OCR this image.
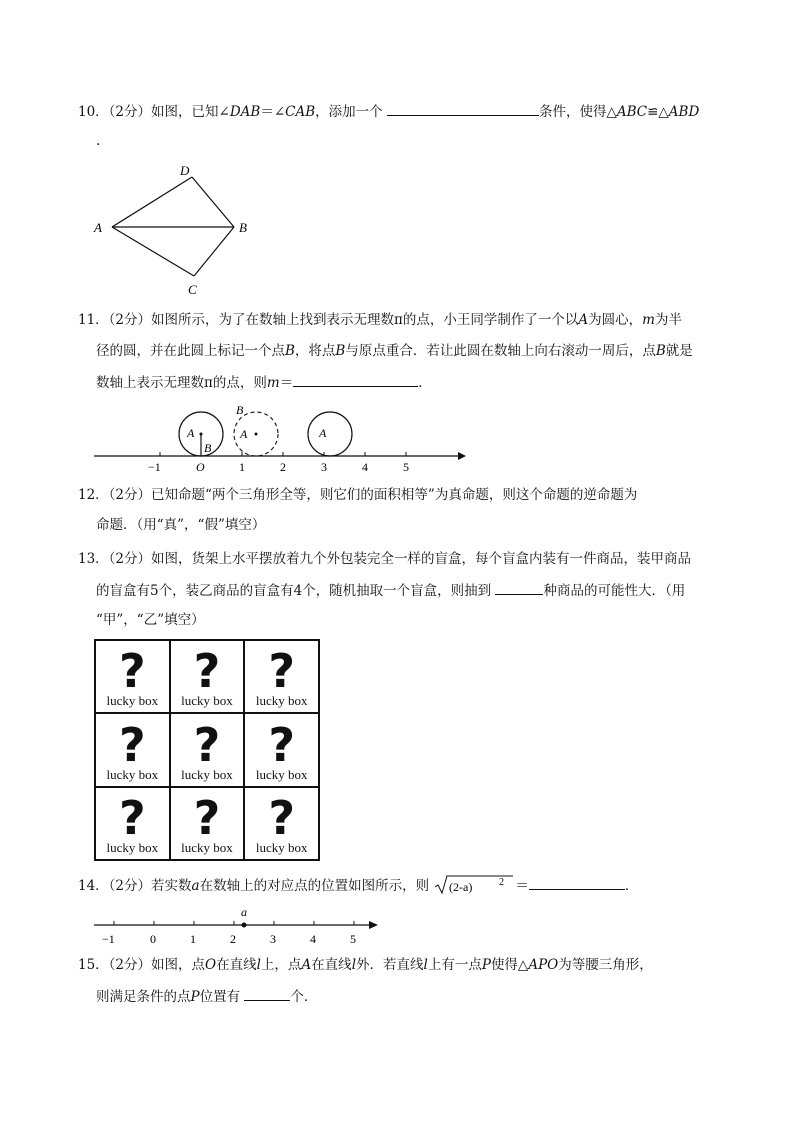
10．（2分）如图，已知∠DAB＝∠CAB，添加一个	条件，使得△ABC≌△ABD
.
D
A	B
C
11．（2分）如图所示，为了在数轴上找到表示无理数π的点，小王同学制作了一个以A为圆心，m为半
径的圆，并在此圆上标记一个点B，将点B与原点重合．若让此圆在数轴上向右滚动一周后，点B就是
数轴上表示无理数π的点，则m＝	．
−1	O	1	2	3	4	5
A
B
A
B
A
12．（2分）已知命题“两个三角形全等，则它们的面积相等”为真命题，则这个命题的逆命题为
命题．（用“真”，“假”填空）
13．（2分）如图，货架上水平摆放着九个外包装完全一样的盲盒，每个盲盒内装有一件商品，装甲商品
的盲盒有5个，装乙商品的盲盒有4个，随机抽取一个盲盒，则抽到	种商品的可能性大．（用
“甲”，“乙”填空）
?
lucky box
?
lucky box
?
lucky box
?
lucky box
?
lucky box
?
lucky box
?
lucky box
?
lucky box
?
lucky box
14．（2分）若实数a在数轴上的对应点的位置如图所示，则 (2-a)	2 ＝	．
a
−1	0	1	2	3	4	5
15．（2分）如图，点O在直线l上，点A在直线l外．若直线l上有一点P使得△APO为等腰三角形，
则满足条件的点P位置有	个．
